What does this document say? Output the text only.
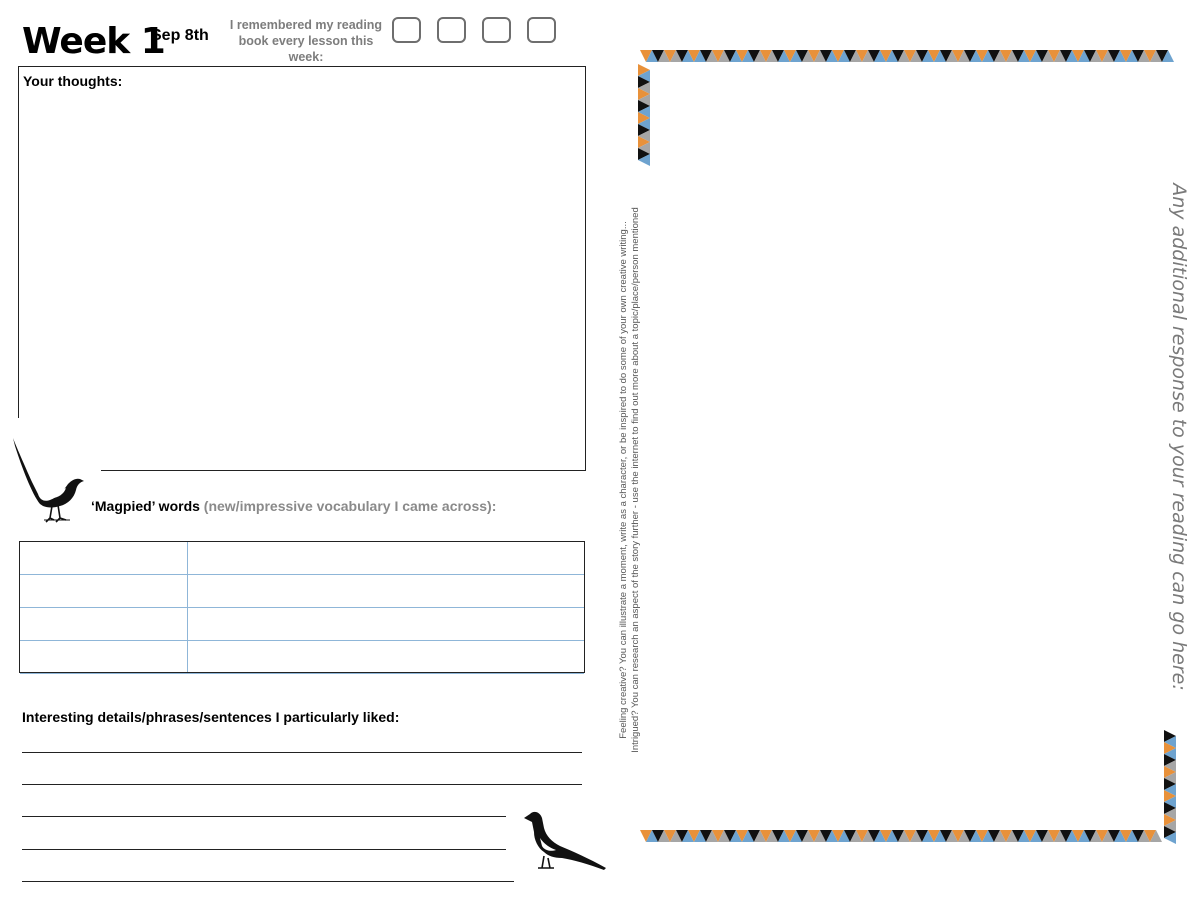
Week 1
Sep 8th
I remembered my reading
book every lesson this week:
Your thoughts:
‘Magpied’ words (new/impressive vocabulary I came across):
Interesting details/phrases/sentences I particularly liked:	Feeling creative? You can illustrate a moment, write as a character, or be inspired to do some of your own creative writing... Intrigued? You can research an aspect of the story further - use the internet to find out more about a topic/place/person mentioned	Any additional response to your reading can go here:
